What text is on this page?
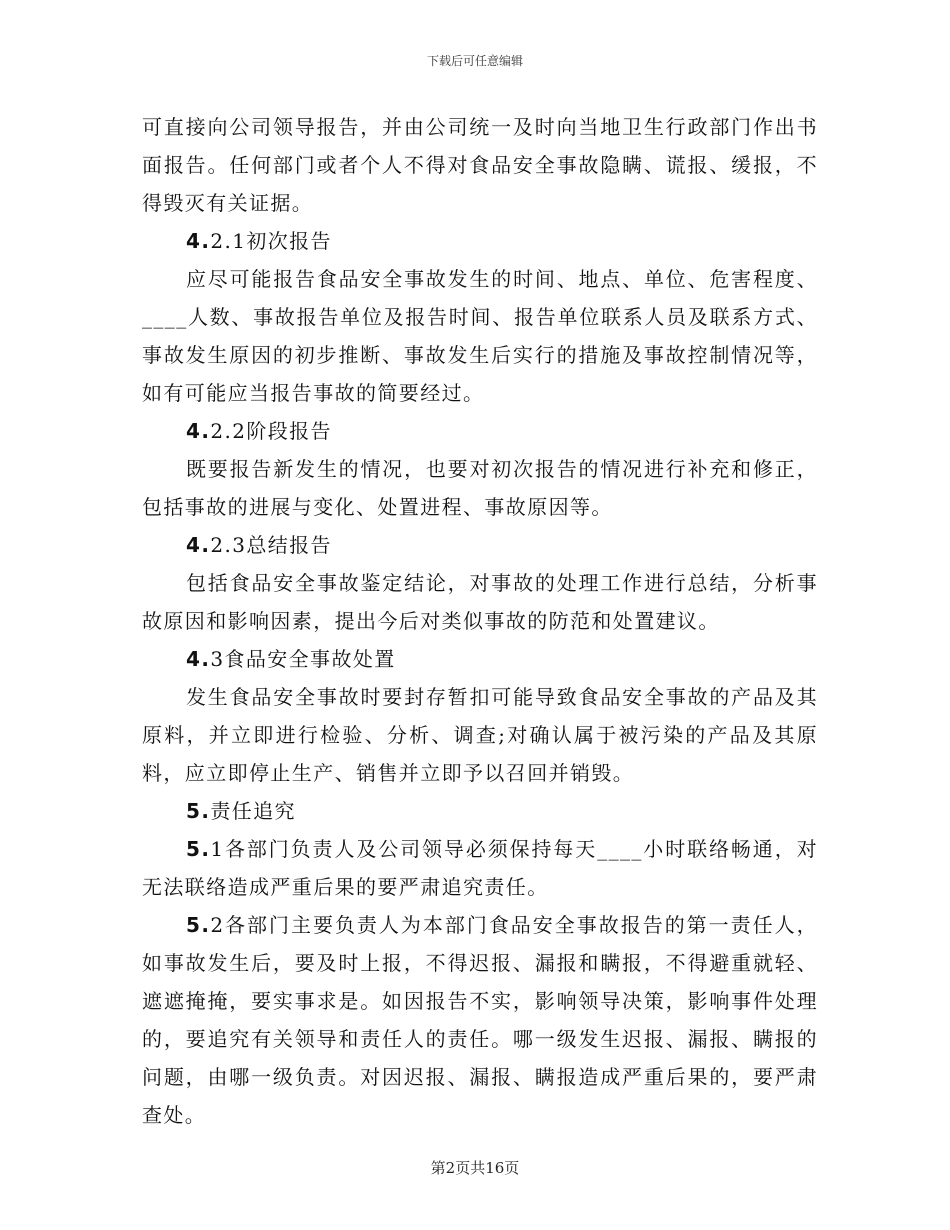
下载后可任意编辑

可直接向公司领导报告，并由公司统一及时向当地卫生行政部门作出书面报告。任何部门或者个人不得对食品安全事故隐瞒、谎报、缓报，不得毁灭有关证据。

4.2.1初次报告

应尽可能报告食品安全事故发生的时间、地点、单位、危害程度、____人数、事故报告单位及报告时间、报告单位联系人员及联系方式、事故发生原因的初步推断、事故发生后实行的措施及事故控制情况等，如有可能应当报告事故的简要经过。

4.2.2阶段报告

既要报告新发生的情况，也要对初次报告的情况进行补充和修正，包括事故的进展与变化、处置进程、事故原因等。

4.2.3总结报告

包括食品安全事故鉴定结论，对事故的处理工作进行总结，分析事故原因和影响因素，提出今后对类似事故的防范和处置建议。

4.3食品安全事故处置

发生食品安全事故时要封存暂扣可能导致食品安全事故的产品及其原料，并立即进行检验、分析、调查;对确认属于被污染的产品及其原料，应立即停止生产、销售并立即予以召回并销毁。

5.责任追究

5.1各部门负责人及公司领导必须保持每天____小时联络畅通，对无法联络造成严重后果的要严肃追究责任。

5.2各部门主要负责人为本部门食品安全事故报告的第一责任人，如事故发生后，要及时上报，不得迟报、漏报和瞒报，不得避重就轻、遮遮掩掩，要实事求是。如因报告不实，影响领导决策，影响事件处理的，要追究有关领导和责任人的责任。哪一级发生迟报、漏报、瞒报的问题，由哪一级负责。对因迟报、漏报、瞒报造成严重后果的，要严肃查处。

第2页共16页
